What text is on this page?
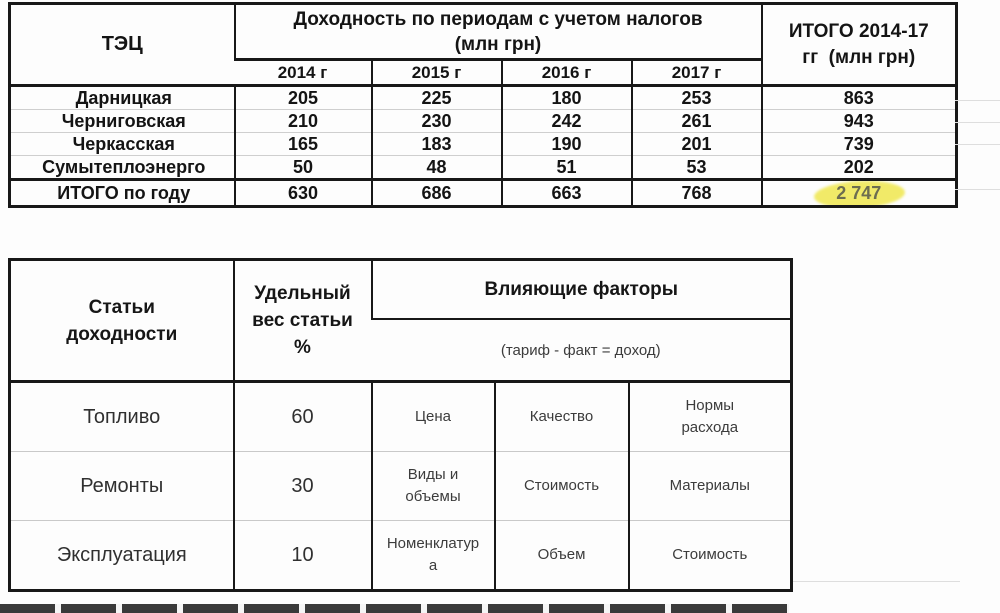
ТЭЦ	Доходность по периодам с учетом налогов
(млн грн)				ИТОГО 2014-17
гг  (млн грн)
	2014 г	2015 г	2016 г	2017 г	
Дарницкая	205	225	180	253	863
Черниговская	210	230	242	261	943
Черкасская	165	183	190	201	739
Сумытеплоэнерго	50	48	51	53	202
ИТОГО по году	630	686	663	768	2 747
Статьи
доходности	Удельный
вес статьи
%	Влияющие факторы		
		(тариф - факт = доход)		
Топливо	60	Цена	Качество	Нормы
расхода
Ремонты	30	Виды и
объемы	Стоимость	Материалы
Эксплуатация	10	Номенклатур
а	Объем	Стоимость
